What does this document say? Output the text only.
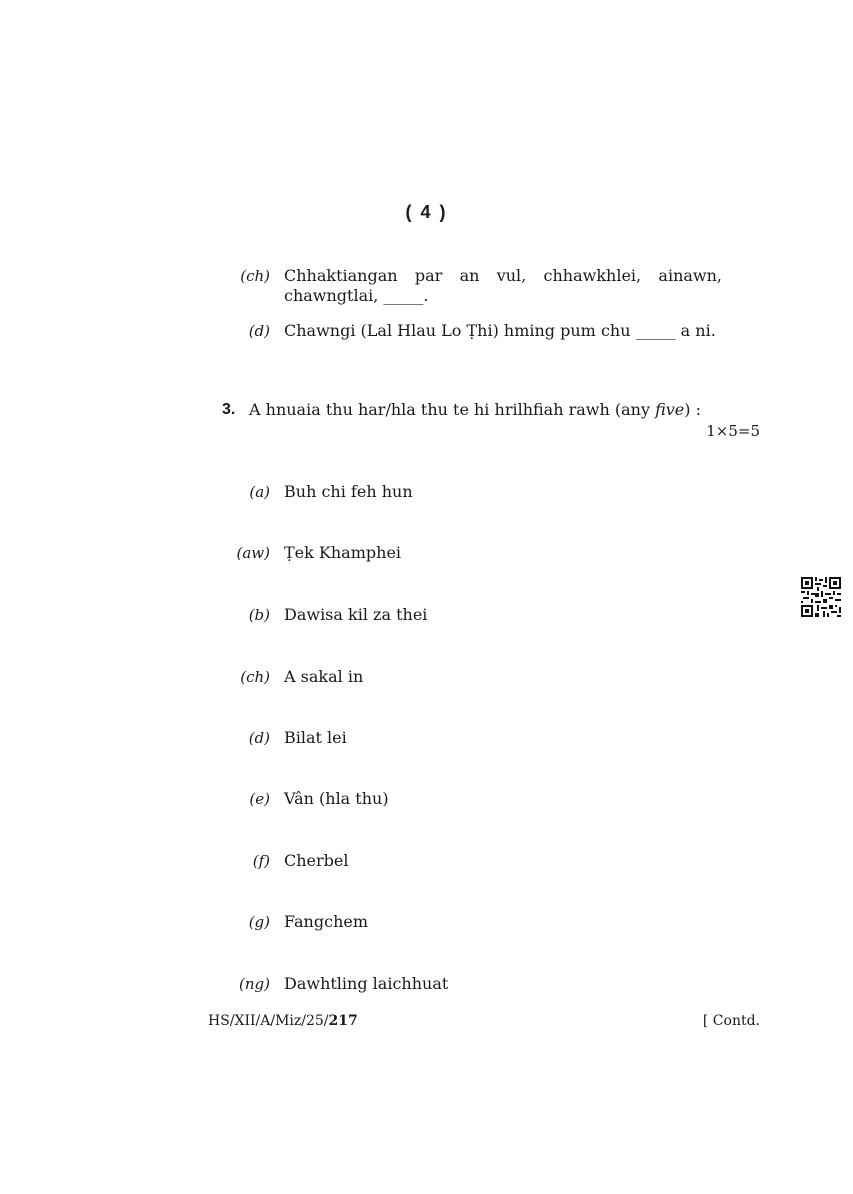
( 4 )
(ch) Chhaktiangan par an vul, chhawkhlei, ainawn, chawngtlai, _____.
(d) Chawngi (Lal Hlau Lo Ṭhi) hming pum chu _____ a ni.
3. A hnuaia thu har/hla thu te hi hrilhfiah rawh (any five) :
1×5=5
(a) Buh chi feh hun
(aw) Ṭek Khamphei
(b) Dawisa kil za thei
(ch) A sakal in
(d) Bilat lei
(e) Vân (hla thu)
(f) Cherbel
(g) Fangchem
(ng) Dawhtling laichhuat
HS/XII/A/Miz/25/217	[ Contd.
